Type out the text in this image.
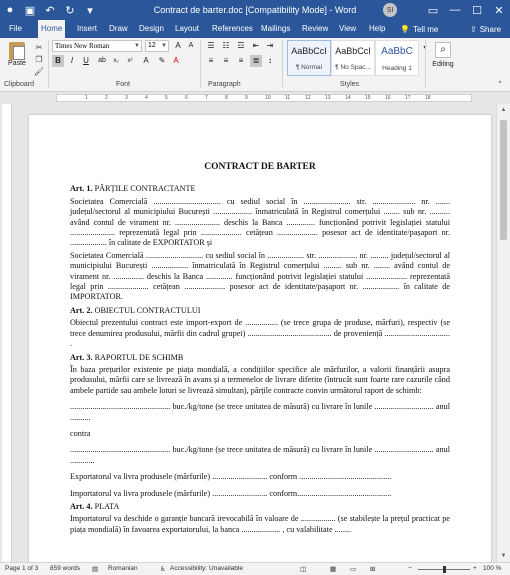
●	▣ ↶ ↻	▾	Contract de barter.doc [Compatibility Mode] - Word	SI	▭	—	☐	✕
File	Home	Insert	Draw	Design	Layout	References	Mailings	Review	View	Help	💡 Tell me	⇪ Share
Paste
✂
❐
🖌
Times New Roman	▼	12 ▼	A	A
B	I	U	ab	x₂	x²	A	✎ A
☰ ☷ ☲	⇤ ⇥
≡	≡	≡	≣	↕
AaBbCcI
¶ Normal
AaBbCcI
¶ No Spac...
AaBbC
Heading 1
⌕
Editing
^
Clipboard	Font	Paragraph	Styles
1	2	3	4	5	6	7	8	9	10	11	12	13	14	15	16	17	18
CONTRACT DE BARTER
Art. 1. PĂRȚILE CONTRACTANTE
Societatea Comercială ................................. cu sediul social în ....................... str. ..................... nr. ....... județul/sectorul al municipiului București ................... înmatriculată în Registrul comerțului ........ sub nr. .......... având contul de virament nr. ...................... deschis la Banca .............. funcționând potrivit legislației statului ...................... reprezentată legal prin .................... cetățean .................... posesor act de identitate/pașaport nr. .................. în calitate de EXPORTATOR și
Societatea Comercială ............................ cu sediul social în .................. str. ................... nr. ......... județul/sectorul al municipiului București .................. înmatriculată în Registrul comerțului ......... sub nr. ........ având contul de virament nr. ............... deschis la Banca ............. funcționând potrivit legislației statului .................... reprezentată legal prin .................... cetățean .................... posesor act de identitate/pașaport nr. .................. în calitate de IMPORTATOR.
Art. 2. OBIECTUL CONTRACTULUI
Obiectul prezentului contract este import-export de ................ (se trece grupa de produse, mărfuri), respectiv (se trece denumirea produsului, mărfii din cadrul grupei) ......................................... de proveniență ................................ .
Art. 3. RAPORTUL DE SCHIMB
În baza prețurilor existente pe piața mondială, a condițiilor specifice ale mărfurilor, a valorii finanțării asupra produsului, mărfii care se livrează în avans și a termenelor de livrare diferite (întrucât sunt foarte rare cazurile când ambele partide sau ambele loturi se livrează simultan), părțile contracte convin următorul raport de schimb:
................................................. buc./kg/tone (se trece unitatea de măsură) cu livrare în lunile ............................. anul ..........
contra
................................................. buc./kg/tone (se trece unitatea de măsură) cu livrare în lunile ............................. anul ............
Exportatorul va livra produsele (mărfurile) ........................... conform .............................................
Importatorul va livra produsele (mărfurile) ........................... conform..............................................
Art. 4. PLATA
Importatorul va deschide o garanție bancară irevocabilă în valoare de ................. (se stabilește la prețul practicat pe piața mondială) în favoarea exportatorului, la banca ................... , cu valabilitate ........
▲
▼
Page 1 of 3 859 words ▤ Romanian	♿ Accessibility: Unavailable	◫	▦ ▭ ⊞	−	+ 100 %
